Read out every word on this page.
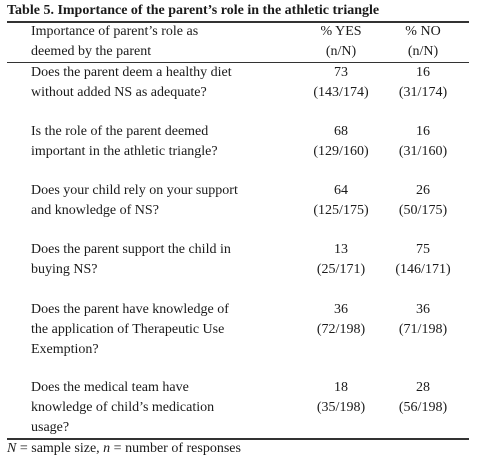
Table 5. Importance of the parent’s role in the athletic triangle
Importance of parent’s role as
deemed by the parent
% YES
(n/N)
% NO
(n/N)
Does the parent deem a healthy diet
without added NS as adequate?
73
(143/174)
16
(31/174)
Is the role of the parent deemed
important in the athletic triangle?
68
(129/160)
16
(31/160)
Does your child rely on your support
and knowledge of NS?
64
(125/175)
26
(50/175)
Does the parent support the child in
buying NS?
13
(25/171)
75
(146/171)
Does the parent have knowledge of
the application of Therapeutic Use
Exemption?
36
(72/198)
36
(71/198)
Does the medical team have
knowledge of child’s medication
usage?
18
(35/198)
28
(56/198)
N = sample size, n = number of responses
